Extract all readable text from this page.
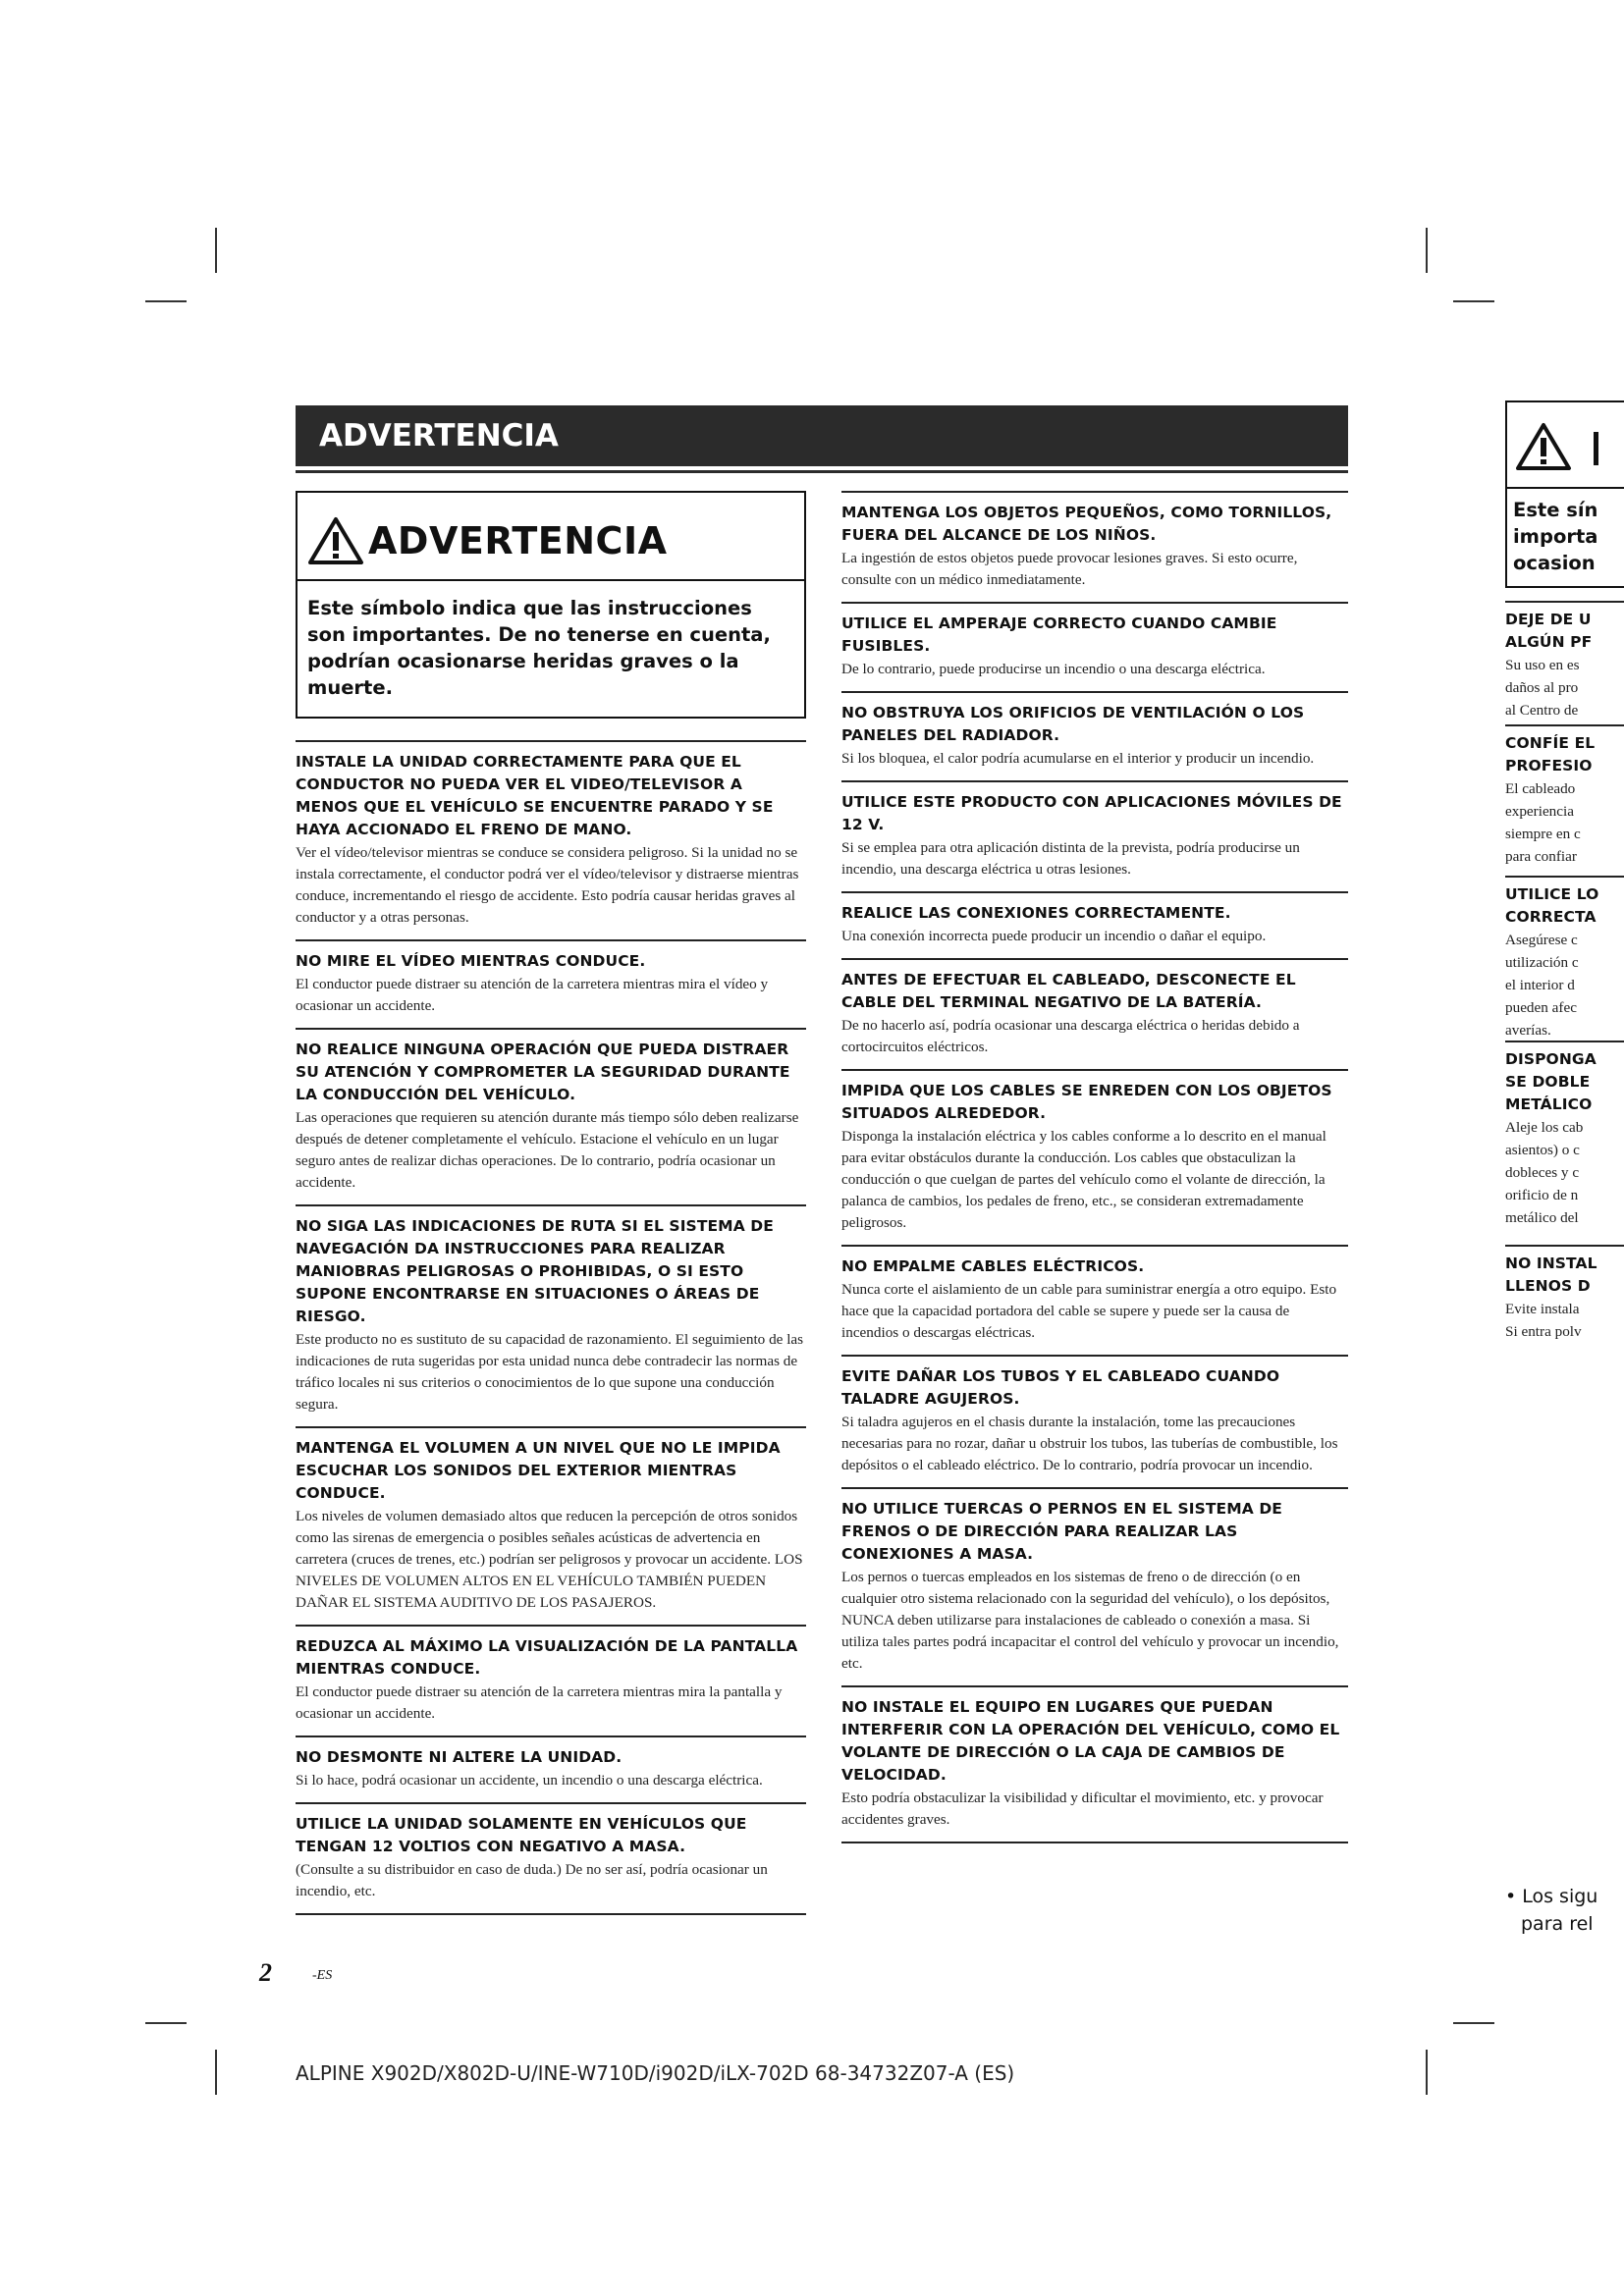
ADVERTENCIA
ADVERTENCIA
Este símbolo indica que las instrucciones son importantes. De no tenerse en cuenta, podrían ocasionarse heridas graves o la muerte.
INSTALE LA UNIDAD CORRECTAMENTE PARA QUE EL CONDUCTOR NO PUEDA VER EL VIDEO/TELEVISOR A MENOS QUE EL VEHÍCULO SE ENCUENTRE PARADO Y SE HAYA ACCIONADO EL FRENO DE MANO.
Ver el vídeo/televisor mientras se conduce se considera peligroso. Si la unidad no se instala correctamente, el conductor podrá ver el vídeo/televisor y distraerse mientras conduce, incrementando el riesgo de accidente. Esto podría causar heridas graves al conductor y a otras personas.
NO MIRE EL VÍDEO MIENTRAS CONDUCE.
El conductor puede distraer su atención de la carretera mientras mira el vídeo y ocasionar un accidente.
NO REALICE NINGUNA OPERACIÓN QUE PUEDA DISTRAER SU ATENCIÓN Y COMPROMETER LA SEGURIDAD DURANTE LA CONDUCCIÓN DEL VEHÍCULO.
Las operaciones que requieren su atención durante más tiempo sólo deben realizarse después de detener completamente el vehículo. Estacione el vehículo en un lugar seguro antes de realizar dichas operaciones. De lo contrario, podría ocasionar un accidente.
NO SIGA LAS INDICACIONES DE RUTA SI EL SISTEMA DE NAVEGACIÓN DA INSTRUCCIONES PARA REALIZAR MANIOBRAS PELIGROSAS O PROHIBIDAS, O SI ESTO SUPONE ENCONTRARSE EN SITUACIONES O ÁREAS DE RIESGO.
Este producto no es sustituto de su capacidad de razonamiento. El seguimiento de las indicaciones de ruta sugeridas por esta unidad nunca debe contradecir las normas de tráfico locales ni sus criterios o conocimientos de lo que supone una conducción segura.
MANTENGA EL VOLUMEN A UN NIVEL QUE NO LE IMPIDA ESCUCHAR LOS SONIDOS DEL EXTERIOR MIENTRAS CONDUCE.
Los niveles de volumen demasiado altos que reducen la percepción de otros sonidos como las sirenas de emergencia o posibles señales acústicas de advertencia en carretera (cruces de trenes, etc.) podrían ser peligrosos y provocar un accidente. LOS NIVELES DE VOLUMEN ALTOS EN EL VEHÍCULO TAMBIÉN PUEDEN DAÑAR EL SISTEMA AUDITIVO DE LOS PASAJEROS.
REDUZCA AL MÁXIMO LA VISUALIZACIÓN DE LA PANTALLA MIENTRAS CONDUCE.
El conductor puede distraer su atención de la carretera mientras mira la pantalla y ocasionar un accidente.
NO DESMONTE NI ALTERE LA UNIDAD.
Si lo hace, podrá ocasionar un accidente, un incendio o una descarga eléctrica.
UTILICE LA UNIDAD SOLAMENTE EN VEHÍCULOS QUE TENGAN 12 VOLTIOS CON NEGATIVO A MASA.
(Consulte a su distribuidor en caso de duda.) De no ser así, podría ocasionar un incendio, etc.
MANTENGA LOS OBJETOS PEQUEÑOS, COMO TORNILLOS, FUERA DEL ALCANCE DE LOS NIÑOS.
La ingestión de estos objetos puede provocar lesiones graves. Si esto ocurre, consulte con un médico inmediatamente.
UTILICE EL AMPERAJE CORRECTO CUANDO CAMBIE FUSIBLES.
De lo contrario, puede producirse un incendio o una descarga eléctrica.
NO OBSTRUYA LOS ORIFICIOS DE VENTILACIÓN O LOS PANELES DEL RADIADOR.
Si los bloquea, el calor podría acumularse en el interior y producir un incendio.
UTILICE ESTE PRODUCTO CON APLICACIONES MÓVILES DE 12 V.
Si se emplea para otra aplicación distinta de la prevista, podría producirse un incendio, una descarga eléctrica u otras lesiones.
REALICE LAS CONEXIONES CORRECTAMENTE.
Una conexión incorrecta puede producir un incendio o dañar el equipo.
ANTES DE EFECTUAR EL CABLEADO, DESCONECTE EL CABLE DEL TERMINAL NEGATIVO DE LA BATERÍA.
De no hacerlo así, podría ocasionar una descarga eléctrica o heridas debido a cortocircuitos eléctricos.
IMPIDA QUE LOS CABLES SE ENREDEN CON LOS OBJETOS SITUADOS ALREDEDOR.
Disponga la instalación eléctrica y los cables conforme a lo descrito en el manual para evitar obstáculos durante la conducción. Los cables que obstaculizan la conducción o que cuelgan de partes del vehículo como el volante de dirección, la palanca de cambios, los pedales de freno, etc., se consideran extremadamente peligrosos.
NO EMPALME CABLES ELÉCTRICOS.
Nunca corte el aislamiento de un cable para suministrar energía a otro equipo. Esto hace que la capacidad portadora del cable se supere y puede ser la causa de incendios o descargas eléctricas.
EVITE DAÑAR LOS TUBOS Y EL CABLEADO CUANDO TALADRE AGUJEROS.
Si taladra agujeros en el chasis durante la instalación, tome las precauciones necesarias para no rozar, dañar u obstruir los tubos, las tuberías de combustible, los depósitos o el cableado eléctrico. De lo contrario, podría provocar un incendio.
NO UTILICE TUERCAS O PERNOS EN EL SISTEMA DE FRENOS O DE DIRECCIÓN PARA REALIZAR LAS CONEXIONES A MASA.
Los pernos o tuercas empleados en los sistemas de freno o de dirección (o en cualquier otro sistema relacionado con la seguridad del vehículo), o los depósitos, NUNCA deben utilizarse para instalaciones de cableado o conexión a masa. Si utiliza tales partes podrá incapacitar el control del vehículo y provocar un incendio, etc.
NO INSTALE EL EQUIPO EN LUGARES QUE PUEDAN INTERFERIR CON LA OPERACIÓN DEL VEHÍCULO, COMO EL VOLANTE DE DIRECCIÓN O LA CAJA DE CAMBIOS DE VELOCIDAD.
Esto podría obstaculizar la visibilidad y dificultar el movimiento, etc. y provocar accidentes graves.
Este sín
importa
ocasion
DEJE DE U
ALGÚN PF
Su uso en es
daños al pro
al Centro de
CONFÍE EL
PROFESIO
El cableado
experiencia
siempre en c
para confiar
UTILICE LO
CORRECTA
Asegúrese c
utilización c
el interior d
pueden afec
averías.
DISPONGA
SE DOBLE
METÁLICO
Aleje los cab
asientos) o c
dobleces y c
orificio de n
metálico del
NO INSTAL
LLENOS D
Evite instala
Si entra polv
• Los sigu
para rel
2	-ES
ALPINE X902D/X802D-U/INE-W710D/i902D/iLX-702D 68-34732Z07-A (ES)
